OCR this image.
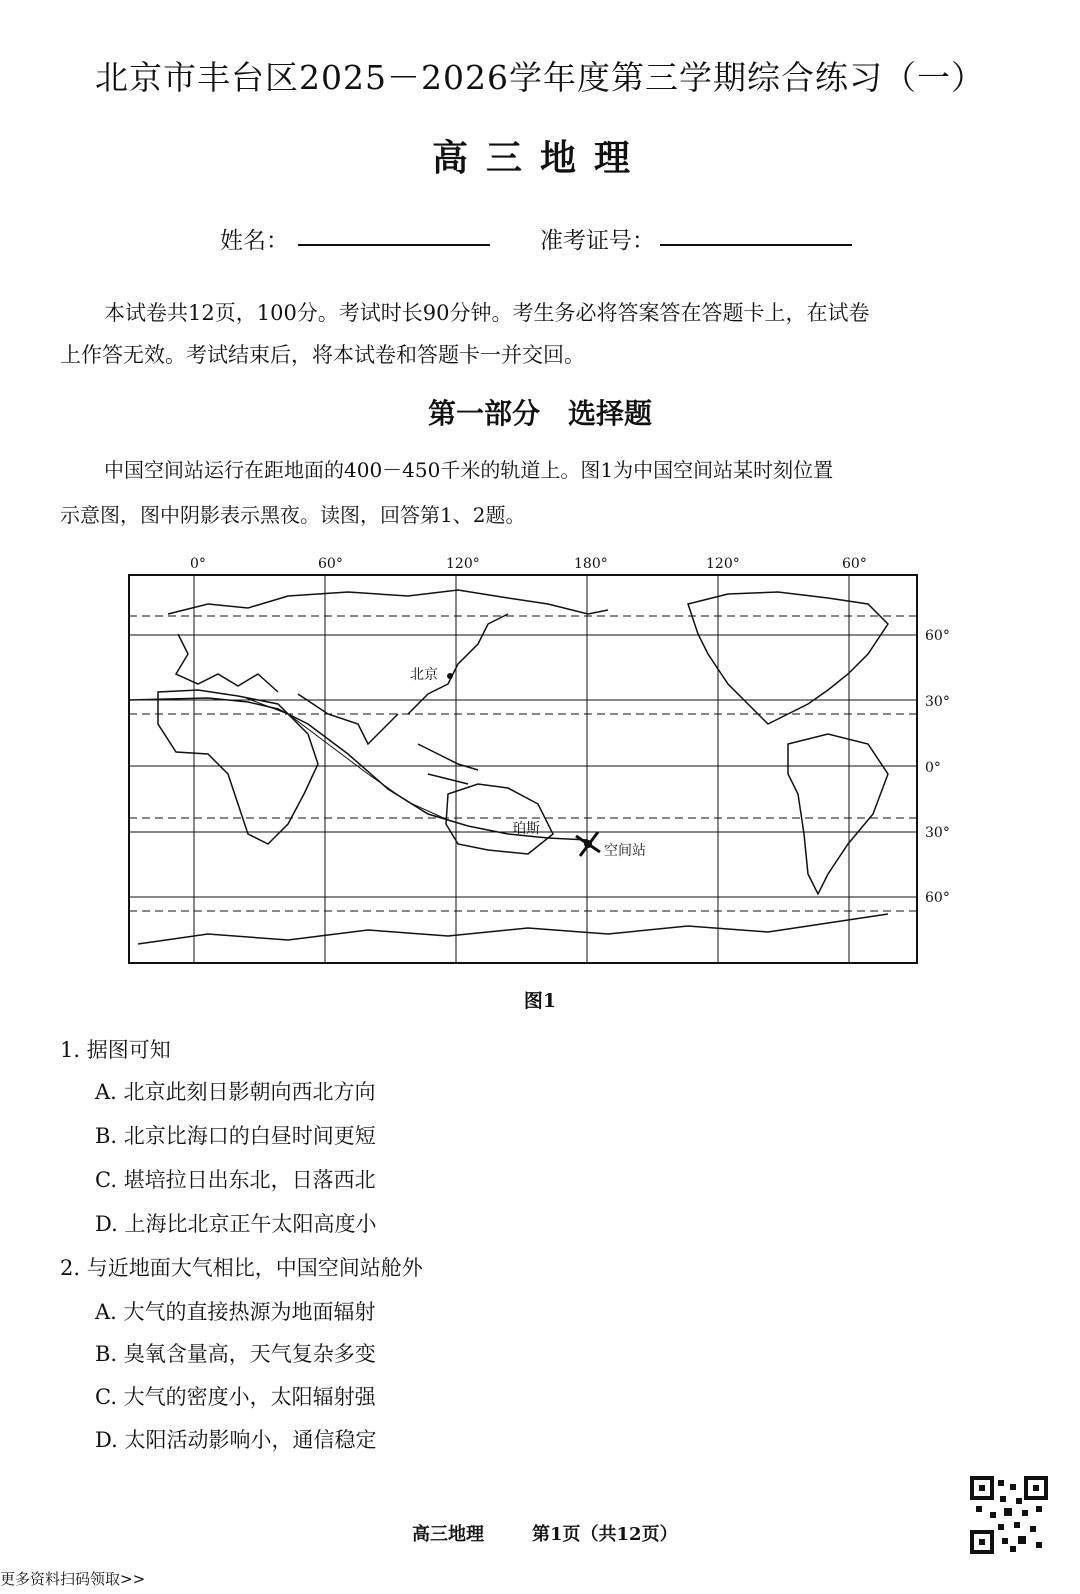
北京市丰台区2025－2026学年度第三学期综合练习（一）
高三地理
姓名：	准考证号：
本试卷共12页，100分。考试时长90分钟。考生务必将答案答在答题卡上，在试卷
上作答无效。考试结束后，将本试卷和答题卡一并交回。
第一部分　选择题
中国空间站运行在距地面的400－450千米的轨道上。图1为中国空间站某时刻位置
示意图，图中阴影表示黑夜。读图，回答第1、2题。
0°	60°	120°	180°	120°	60°
60°
30°
0°
30°
60°
北京
珀斯
空间站
图1
1. 据图可知
A. 北京此刻日影朝向西北方向
B. 北京比海口的白昼时间更短
C. 堪培拉日出东北，日落西北
D. 上海比北京正午太阳高度小
2. 与近地面大气相比，中国空间站舱外
A. 大气的直接热源为地面辐射
B. 臭氧含量高，天气复杂多变
C. 大气的密度小，太阳辐射强
D. 太阳活动影响小，通信稳定
高三地理	第1页（共12页）
更多资料扫码领取>>
